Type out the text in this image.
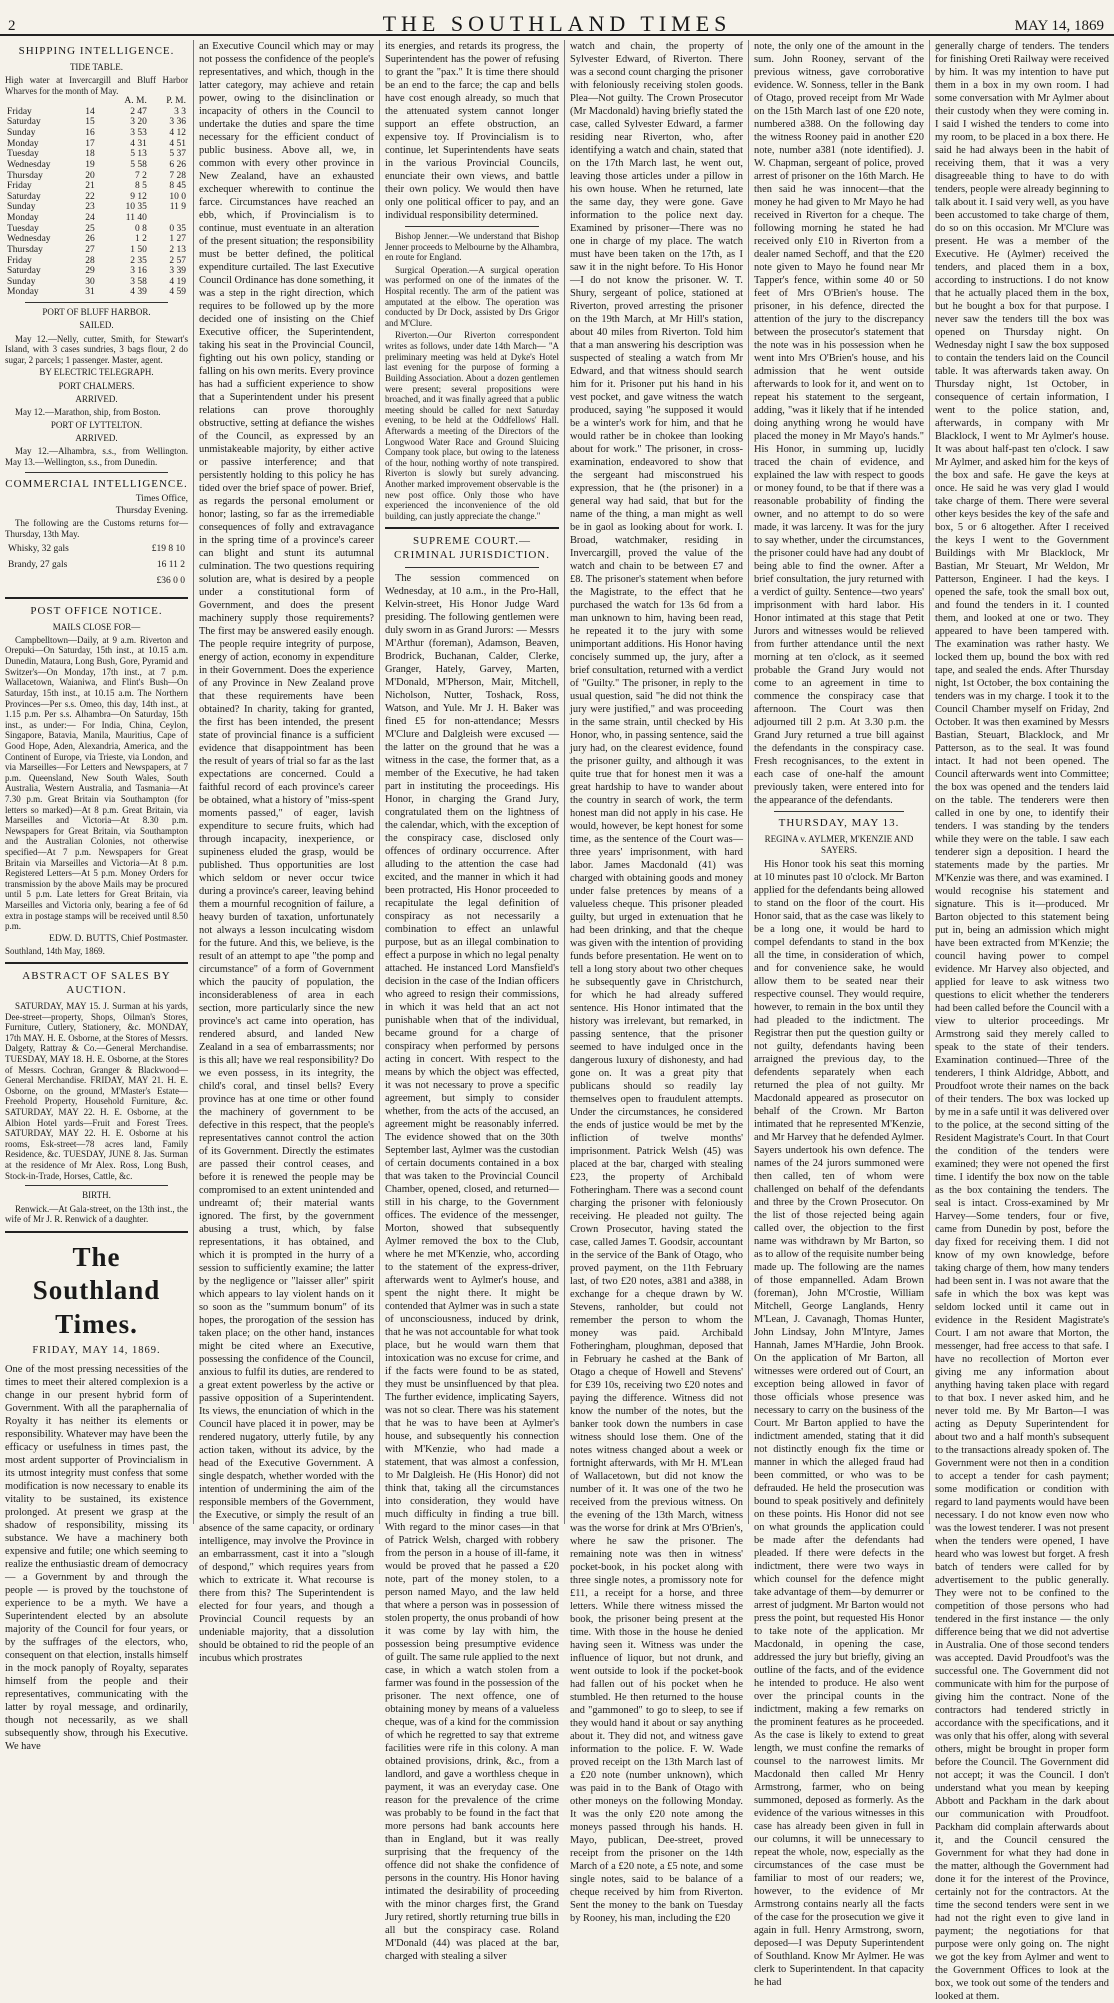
2	THE SOUTHLAND TIMES	MAY 14, 1869
SHIPPING INTELLIGENCE.
TIDE TABLE.
High water at Invercargill and Bluff Harbor Wharves for the month of May.
		A. M.	P. M.
Friday	14	2 47	3 3
Saturday	15	3 20	3 36
Sunday	16	3 53	4 12
Monday	17	4 31	4 51
Tuesday	18	5 13	5 37
Wednesday	19	5 58	6 26
Thursday	20	7 2	7 28
Friday	21	8 5	8 45
Saturday	22	9 12	10 0
Sunday	23	10 35	11 9
Monday	24	11 40	
Tuesday	25	0 8	0 35
Wednesday	26	1 2	1 27
Thursday	27	1 50	2 13
Friday	28	2 35	2 57
Saturday	29	3 16	3 39
Sunday	30	3 58	4 19
Monday	31	4 39	4 59
PORT OF BLUFF HARBOR.
SAILED.

May 12.—Nelly, cutter, Smith, for Stewart's Island, with 3 cases sundries, 3 bags flour, 2 do sugar, 2 parcels; 1 passenger. Master, agent.

BY ELECTRIC TELEGRAPH.
PORT CHALMERS.
ARRIVED.

May 12.—Marathon, ship, from Boston.

PORT OF LYTTELTON.
ARRIVED.

May 12.—Alhambra, s.s., from Wellington. May 13.—Wellington, s.s., from Dunedin.

COMMERCIAL INTELLIGENCE.
Times Office,
Thursday Evening.

The following are the Customs returns for—Thursday, 13th May.

Whisky, 32 gals	£19 8 10
Brandy, 27 gals	16 11 2
	£36 0 0
POST OFFICE NOTICE.
MAILS CLOSE FOR—

Campbelltown—Daily, at 9 a.m. Riverton and Orepuki—On Saturday, 15th inst., at 10.15 a.m. Dunedin, Mataura, Long Bush, Gore, Pyramid and Switzer's—On Monday, 17th inst., at 7 p.m. Wallacetown, Waianiwa, and Flint's Bush—On Saturday, 15th inst., at 10.15 a.m. The Northern Provinces—Per s.s. Omeo, this day, 14th inst., at 1.15 p.m. Per s.s. Alhambra—On Saturday, 15th inst., as under:— For India, China, Ceylon, Singapore, Batavia, Manila, Mauritius, Cape of Good Hope, Aden, Alexandria, America, and the Continent of Europe, via Trieste, via London, and via Marseilles—For Letters and Newspapers, at 7 p.m. Queensland, New South Wales, South Australia, Western Australia, and Tasmania—At 7.30 p.m. Great Britain via Southampton (for letters so marked)—At 8 p.m. Great Britain, via Marseilles and Victoria—At 8.30 p.m. Newspapers for Great Britain, via Southampton and the Australian Colonies, not otherwise specified—At 7 p.m. Newspapers for Great Britain via Marseilles and Victoria—At 8 p.m. Registered Letters—At 5 p.m. Money Orders for transmission by the above Mails may be procured until 5 p.m. Late letters for Great Britain, via Marseilles and Victoria only, bearing a fee of 6d extra in postage stamps will be received until 8.50 p.m.

EDW. D. BUTTS, Chief Postmaster.
Southland, 14th May, 1869.
ABSTRACT OF SALES BY AUCTION.

SATURDAY, MAY 15. J. Surman at his yards, Dee-street—property, Shops, Oilman's Stores, Furniture, Cutlery, Stationery, &c. MONDAY, 17th MAY. H. E. Osborne, at the Stores of Messrs. Dalgety, Rattray & Co.—General Merchandise. TUESDAY, MAY 18. H. E. Osborne, at the Stores of Messrs. Cochran, Granger & Blackwood—General Merchandise. FRIDAY, MAY 21. H. E. Osborne, on the ground, M'Master's Estate—Freehold Property, Household Furniture, &c. SATURDAY, MAY 22. H. E. Osborne, at the Albion Hotel yards—Fruit and Forest Trees. SATURDAY, MAY 22. H. E. Osborne at his rooms, Esk-street—78 acres land, Family Residence, &c. TUESDAY, JUNE 8. Jas. Surman at the residence of Mr Alex. Ross, Long Bush, Stock-in-Trade, Horses, Cattle, &c.

BIRTH.

Renwick.—At Gala-street, on the 13th inst., the wife of Mr J. R. Renwick of a daughter.

The Southland Times.
FRIDAY, MAY 14, 1869.

One of the most pressing necessities of the times to meet their altered complexion is a change in our present hybrid form of Government. With all the paraphernalia of Royalty it has neither its elements or responsibility. Whatever may have been the efficacy or usefulness in times past, the most ardent supporter of Provincialism in its utmost integrity must confess that some modification is now necessary to enable its vitality to be sustained, its existence prolonged. At present we grasp at the shadow of responsibility, missing its substance. We have a machinery both expensive and futile; one which seeming to realize the enthusiastic dream of democracy — a Government by and through the people — is proved by the touchstone of experience to be a myth. We have a Superintendent elected by an absolute majority of the Council for four years, or by the suffrages of the electors, who, consequent on that election, installs himself in the mock panoply of Royalty, separates himself from the people and their representatives, communicating with the latter by royal message, and ordinarily, though not necessarily, as we shall subsequently show, through his Executive. We have

an Executive Council which may or may not possess the confidence of the people's representatives, and which, though in the latter category, may achieve and retain power, owing to the disinclination or incapacity of others in the Council to undertake the duties and spare the time necessary for the efficient conduct of public business. Above all, we, in common with every other province in New Zealand, have an exhausted exchequer wherewith to continue the farce. Circumstances have reached an ebb, which, if Provincialism is to continue, must eventuate in an alteration of the present situation; the responsibility must be better defined, the political expenditure curtailed. The last Executive Council Ordinance has done something, it was a step in the right direction, which requires to be followed up by the more decided one of insisting on the Chief Executive officer, the Superintendent, taking his seat in the Provincial Council, fighting out his own policy, standing or falling on his own merits. Every province has had a sufficient experience to show that a Superintendent under his present relations can prove thoroughly obstructive, setting at defiance the wishes of the Council, as expressed by an unmistakeable majority, by either active or passive interference; and that persistently holding to this policy he has tided over the brief space of power. Brief, as regards the personal emolument or honor; lasting, so far as the irremediable consequences of folly and extravagance in the spring time of a province's career can blight and stunt its autumnal culmination. The two questions requiring solution are, what is desired by a people under a constitutional form of Government, and does the present machinery supply those requirements? The first may be answered easily enough. The people require integrity of purpose, energy of action, economy in expenditure in their Government. Does the experience of any Province in New Zealand prove that these requirements have been obtained? In charity, taking for granted, the first has been intended, the present state of provincial finance is a sufficient evidence that disappointment has been the result of years of trial so far as the last expectations are concerned. Could a faithful record of each province's career be obtained, what a history of "miss-spent moments passed," of eager, lavish expenditure to secure fruits, which had through incapacity, inexperience, or supineness eluded the grasp, would be published. Thus opportunities are lost which seldom or never occur twice during a province's career, leaving behind them a mournful recognition of failure, a heavy burden of taxation, unfortunately not always a lesson inculcating wisdom for the future. And this, we believe, is the result of an attempt to ape "the pomp and circumstance" of a form of Government which the paucity of population, the inconsiderableness of area in each section, more particularly since the new province's act came into operation, has rendered absurd, and landed New Zealand in a sea of embarrassments; nor is this all; have we real responsibility? Do we even possess, in its integrity, the child's coral, and tinsel bells? Every province has at one time or other found the machinery of government to be defective in this respect, that the people's representatives cannot control the action of its Government. Directly the estimates are passed their control ceases, and before it is renewed the people may be compromised to an extent unintended and undreamt of; their material wants ignored. The first, by the government abusing a trust, which, by false representations, it has obtained, and which it is prompted in the hurry of a session to sufficiently examine; the latter by the negligence or "laisser aller" spirit which appears to lay violent hands on it so soon as the "summum bonum" of its hopes, the prorogation of the session has taken place; on the other hand, instances might be cited where an Executive, possessing the confidence of the Council, anxious to fulfil its duties, are rendered to a great extent powerless by the active or passive opposition of a Superintendent. Its views, the enunciation of which in the Council have placed it in power, may be rendered nugatory, utterly futile, by any action taken, without its advice, by the head of the Executive Government. A single despatch, whether worded with the intention of undermining the aim of the responsible members of the Government, the Executive, or simply the result of an absence of the same capacity, or ordinary intelligence, may involve the Province in an embarrassment, cast it into a "slough of despond," which requires years from which to extricate it. What recourse is there from this? The Superintendent is elected for four years, and though a Provincial Council requests by an undeniable majority, that a dissolution should be obtained to rid the people of an incubus which prostrates

its energies, and retards its progress, the Superintendent has the power of refusing to grant the "pax." It is time there should be an end to the farce; the cap and bells have cost enough already, so much that the attenuated system cannot longer support an effete obstruction, an expensive toy. If Provincialism is to continue, let Superintendents have seats in the various Provincial Councils, enunciate their own views, and battle their own policy. We would then have only one political officer to pay, and an individual responsibility determined.

Bishop Jenner.—We understand that Bishop Jenner proceeds to Melbourne by the Alhambra, en route for England.

Surgical Operation.—A surgical operation was performed on one of the inmates of the Hospital recently. The arm of the patient was amputated at the elbow. The operation was conducted by Dr Dock, assisted by Drs Grigor and M'Clure.

Riverton.—Our Riverton correspondent writes as follows, under date 14th March— "A preliminary meeting was held at Dyke's Hotel last evening for the purpose of forming a Building Association. About a dozen gentlemen were present; several propositions were broached, and it was finally agreed that a public meeting should be called for next Saturday evening, to be held at the Oddfellows' Hall. Afterwards a meeting of the Directors of the Longwood Water Race and Ground Sluicing Company took place, but owing to the lateness of the hour, nothing worthy of note transpired. Riverton is slowly but surely advancing. Another marked improvement observable is the new post office. Only those who have experienced the inconvenience of the old building, can justly appreciate the change."

SUPREME COURT.—CRIMINAL JURISDICTION.

The session commenced on Wednesday, at 10 a.m., in the Pro-Hall, Kelvin-street, His Honor Judge Ward presiding. The following gentlemen were duly sworn in as Grand Jurors: — Messrs M'Arthur (foreman), Adamson, Beaven, Brodrick, Buchanan, Calder, Clerke, Granger, Hately, Garvey, Marten, M'Donald, M'Pherson, Mair, Mitchell, Nicholson, Nutter, Toshack, Ross, Watson, and Yule. Mr J. H. Baker was fined £5 for non-attendance; Messrs M'Clure and Dalgleish were excused — the latter on the ground that he was a witness in the case, the former that, as a member of the Executive, he had taken part in instituting the proceedings. His Honor, in charging the Grand Jury, congratulated them on the lightness of the calendar, which, with the exception of the conspiracy case, disclosed only offences of ordinary occurrence. After alluding to the attention the case had excited, and the manner in which it had been protracted, His Honor proceeded to recapitulate the legal definition of conspiracy as not necessarily a combination to effect an unlawful purpose, but as an illegal combination to effect a purpose in which no legal penalty attached. He instanced Lord Mansfield's decision in the case of the Indian officers who agreed to resign their commissions, in which it was held that an act not punishable when that of the individual, became ground for a charge of conspiracy when performed by persons acting in concert. With respect to the means by which the object was effected, it was not necessary to prove a specific agreement, but simply to consider whether, from the acts of the accused, an agreement might be reasonably inferred. The evidence showed that on the 30th September last, Aylmer was the custodian of certain documents contained in a box that was taken to the Provincial Council Chamber, opened, closed, and returned—still in his charge, to the Government offices. The evidence of the messenger, Morton, showed that subsequently Aylmer removed the box to the Club, where he met M'Kenzie, who, according to the statement of the express-driver, afterwards went to Aylmer's house, and spent the night there. It might be contended that Aylmer was in such a state of unconsciousness, induced by drink, that he was not accountable for what took place, but he would warn them that intoxication was no excuse for crime, and if the facts were found to be as stated, they must be unsinfluenced by that plea. The further evidence, implicating Sayers, was not so clear. There was his statement that he was to have been at Aylmer's house, and subsequently his connection with M'Kenzie, who had made a statement, that was almost a confession, to Mr Dalgleish. He (His Honor) did not think that, taking all the circumstances into consideration, they would have much difficulty in finding a true bill. With regard to the minor cases—in that of Patrick Welsh, charged with robbery from the person in a house of ill-fame, it would be proved that he passed a £20 note, part of the money stolen, to a person named Mayo, and the law held that where a person was in possession of stolen property, the onus probandi of how it was come by lay with him, the possession being presumptive evidence of guilt. The same rule applied to the next case, in which a watch stolen from a farmer was found in the possession of the prisoner. The next offence, one of obtaining money by means of a valueless cheque, was of a kind for the commission of which he regretted to say that extreme facilities were rife in this colony. A man obtained provisions, drink, &c., from a landlord, and gave a worthless cheque in payment, it was an everyday case. One reason for the prevalence of the crime was probably to be found in the fact that more persons had bank accounts here than in England, but it was really surprising that the frequency of the offence did not shake the confidence of persons in the country. His Honor having intimated the desirability of proceeding with the minor charges first, the Grand Jury retired, shortly returning true bills in all but the conspiracy case. Roland M'Donald (44) was placed at the bar, charged with stealing a silver

watch and chain, the property of Sylvester Edward, of Riverton. There was a second count charging the prisoner with feloniously receiving stolen goods. Plea—Not guilty. The Crown Prosecutor (Mr Macdonald) having briefly stated the case, called Sylvester Edward, a farmer residing near Riverton, who, after identifying a watch and chain, stated that on the 17th March last, he went out, leaving those articles under a pillow in his own house. When he returned, late the same day, they were gone. Gave information to the police next day. Examined by prisoner—There was no one in charge of my place. The watch must have been taken on the 17th, as I saw it in the night before. To His Honor—I do not know the prisoner. W. T. Shury, sergeant of police, stationed at Riverton, proved arresting the prisoner on the 19th March, at Mr Hill's station, about 40 miles from Riverton. Told him that a man answering his description was suspected of stealing a watch from Mr Edward, and that witness should search him for it. Prisoner put his hand in his vest pocket, and gave witness the watch produced, saying "he supposed it would be a winter's work for him, and that he would rather be in chokee than looking about for work." The prisoner, in cross-examination, endeavored to show that the sergeant had misconstrued his expression, that he (the prisoner) in a general way had said, that but for the name of the thing, a man might as well be in gaol as looking about for work. I. Broad, watchmaker, residing in Invercargill, proved the value of the watch and chain to be between £7 and £8. The prisoner's statement when before the Magistrate, to the effect that he purchased the watch for 13s 6d from a man unknown to him, having been read, he repeated it to the jury with some unimportant additions. His Honor having concisely summed up, the jury, after a brief consultation, returned with a verdict of "Guilty." The prisoner, in reply to the usual question, said "he did not think the jury were justified," and was proceeding in the same strain, until checked by His Honor, who, in passing sentence, said the jury had, on the clearest evidence, found the prisoner guilty, and although it was quite true that for honest men it was a great hardship to have to wander about the country in search of work, the term honest man did not apply in his case. He would, however, be kept honest for some time, as the sentence of the Court was—three years' imprisonment, with hard labor. James Macdonald (41) was charged with obtaining goods and money under false pretences by means of a valueless cheque. This prisoner pleaded guilty, but urged in extenuation that he had been drinking, and that the cheque was given with the intention of providing funds before presentation. He went on to tell a long story about two other cheques he subsequently gave in Christchurch, for which he had already suffered sentence. His Honor intimated that the history was irrelevant, but remarked, in passing sentence, that the prisoner seemed to have indulged once in the dangerous luxury of dishonesty, and had gone on. It was a great pity that publicans should so readily lay themselves open to fraudulent attempts. Under the circumstances, he considered the ends of justice would be met by the infliction of twelve months' imprisonment. Patrick Welsh (45) was placed at the bar, charged with stealing £23, the property of Archibald Fotheringham. There was a second count charging the prisoner with feloniously receiving. He pleaded not guilty. The Crown Prosecutor, having stated the case, called James T. Goodsir, accountant in the service of the Bank of Otago, who proved payment, on the 11th February last, of two £20 notes, a381 and a388, in exchange for a cheque drawn by W. Stevens, ranholder, but could not remember the person to whom the money was paid. Archibald Fotheringham, ploughman, deposed that in February he cashed at the Bank of Otago a cheque of Howell and Stevens' for £39 10s, receiving two £20 notes and paying the difference. Witness did not know the number of the notes, but the banker took down the numbers in case witness should lose them. One of the notes witness changed about a week or fortnight afterwards, with Mr H. M'Lean of Wallacetown, but did not know the number of it. It was one of the two he received from the previous witness. On the evening of the 13th March, witness was the worse for drink at Mrs O'Brien's, where he saw the prisoner. The remaining note was then in witness' pocket-book, in his pocket along with three single notes, a promissory note for £11, a receipt for a horse, and three letters. While there witness missed the book, the prisoner being present at the time. With those in the house he denied having seen it. Witness was under the influence of liquor, but not drunk, and went outside to look if the pocket-book had fallen out of his pocket when he stumbled. He then returned to the house and "gammoned" to go to sleep, to see if they would hand it about or say anything about it. They did not, and witness gave information to the police. F. W. Wade proved receipt on the 13th March last of a £20 note (number unknown), which was paid in to the Bank of Otago with other moneys on the following Monday. It was the only £20 note among the moneys passed through his hands. H. Mayo, publican, Dee-street, proved receipt from the prisoner on the 14th March of a £20 note, a £5 note, and some single notes, said to be balance of a cheque received by him from Riverton. Sent the money to the bank on Tuesday by Rooney, his man, including the £20

note, the only one of the amount in the sum. John Rooney, servant of the previous witness, gave corroborative evidence. W. Sonness, teller in the Bank of Otago, proved receipt from Mr Wade on the 15th March last of one £20 note, numbered a388. On the following day the witness Rooney paid in another £20 note, number a381 (note identified). J. W. Chapman, sergeant of police, proved arrest of prisoner on the 16th March. He then said he was innocent—that the money he had given to Mr Mayo he had received in Riverton for a cheque. The following morning he stated he had received only £10 in Riverton from a dealer named Sechoff, and that the £20 note given to Mayo he found near Mr Tapper's fence, within some 40 or 50 feet of Mrs O'Brien's house. The prisoner, in his defence, directed the attention of the jury to the discrepancy between the prosecutor's statement that the note was in his possession when he went into Mrs O'Brien's house, and his admission that he went outside afterwards to look for it, and went on to repeat his statement to the sergeant, adding, "was it likely that if he intended doing anything wrong he would have placed the money in Mr Mayo's hands." His Honor, in summing up, lucidly traced the chain of evidence, and explained the law with respect to goods or money found, to be that if there was a reasonable probability of finding the owner, and no attempt to do so were made, it was larceny. It was for the jury to say whether, under the circumstances, the prisoner could have had any doubt of being able to find the owner. After a brief consultation, the jury returned with a verdict of guilty. Sentence—two years' imprisonment with hard labor. His Honor intimated at this stage that Petit Jurors and witnesses would be relieved from further attendance until the next morning at ten o'clock, as it seemed probable the Grand Jury would not come to an agreement in time to commence the conspiracy case that afternoon. The Court was then adjourned till 2 p.m. At 3.30 p.m. the Grand Jury returned a true bill against the defendants in the conspiracy case. Fresh recognisances, to the extent in each case of one-half the amount previously taken, were entered into for the appearance of the defendants.

THURSDAY, MAY 13.
REGINA v. AYLMER, M'KENZIE AND SAYERS.

His Honor took his seat this morning at 10 minutes past 10 o'clock. Mr Barton applied for the defendants being allowed to stand on the floor of the court. His Honor said, that as the case was likely to be a long one, it would be hard to compel defendants to stand in the box all the time, in consideration of which, and for convenience sake, he would allow them to be seated near their respective counsel. They would require, however, to remain in the box until they had pleaded to the indictment. The Registrar then put the question guilty or not guilty, defendants having been arraigned the previous day, to the defendents separately when each returned the plea of not guilty. Mr Macdonald appeared as prosecutor on behalf of the Crown. Mr Barton intimated that he represented M'Kenzie, and Mr Harvey that he defended Aylmer. Sayers undertook his own defence. The names of the 24 jurors summoned were then called, ten of whom were challenged on behalf of the defendants and three by the Crown Prosecutor. On the list of those rejected being again called over, the objection to the first name was withdrawn by Mr Barton, so as to allow of the requisite number being made up. The following are the names of those empannelled. Adam Brown (foreman), John M'Crostie, William Mitchell, George Langlands, Henry M'Lean, J. Cavanagh, Thomas Hunter, John Lindsay, John M'Intyre, James Hannah, James M'Hardie, John Brook. On the application of Mr Barton, all witnesses were ordered out of Court, an exception being allowed in favor of those officials whose presence was necessary to carry on the business of the Court. Mr Barton applied to have the indictment amended, stating that it did not distinctly enough fix the time or manner in which the alleged fraud had been committed, or who was to be defrauded. He held the prosecution was bound to speak positively and definitely on these points. His Honor did not see on what grounds the application could be made after the defendants had pleaded. If there were defects in the indictment, there were two ways in which counsel for the defence might take advantage of them—by demurrer or arrest of judgment. Mr Barton would not press the point, but requested His Honor to take note of the application. Mr Macdonald, in opening the case, addressed the jury but briefly, giving an outline of the facts, and of the evidence he intended to produce. He also went over the principal counts in the indictment, making a few remarks on the prominent features as he proceeded. As the case is likely to extend to great length, we must confine the remarks of counsel to the narrowest limits. Mr Macdonald then called Mr Henry Armstrong, farmer, who on being summoned, deposed as formerly. As the evidence of the various witnesses in this case has already been given in full in our columns, it will be unnecessary to repeat the whole, now, especially as the circumstances of the case must be familiar to most of our readers; we, however, to the evidence of Mr Armstrong contains nearly all the facts of the case for the prosecution we give it again in full. Henry Armstrong, sworn, deposed—I was Deputy Superintendent of Southland. Know Mr Aylmer. He was clerk to Superintendent. In that capacity he had

generally charge of tenders. The tenders for finishing Oreti Railway were received by him. It was my intention to have put them in a box in my own room. I had some conversation with Mr Aylmer about their custody when they were coming in. I said I wished the tenders to come into my room, to be placed in a box there. He said he had always been in the habit of receiving them, that it was a very disagreeable thing to have to do with tenders, people were already beginning to talk about it. I said very well, as you have been accustomed to take charge of them, do so on this occasion. Mr M'Clure was present. He was a member of the Executive. He (Aylmer) received the tenders, and placed them in a box, according to instructions. I do not know that he actually placed them in the box, but he bought a box for that purpose. I never saw the tenders till the box was opened on Thursday night. On Wednesday night I saw the box supposed to contain the tenders laid on the Council table. It was afterwards taken away. On Thursday night, 1st October, in consequence of certain information, I went to the police station, and, afterwards, in company with Mr Blacklock, I went to Mr Aylmer's house. It was about half-past ten o'clock. I saw Mr Aylmer, and asked him for the keys of the box and safe. He gave the keys at once. He said he was very glad I would take charge of them. There were several other keys besides the key of the safe and box, 5 or 6 altogether. After I received the keys I went to the Government Buildings with Mr Blacklock, Mr Bastian, Mr Steuart, Mr Weldon, Mr Patterson, Engineer. I had the keys. I opened the safe, took the small box out, and found the tenders in it. I counted them, and looked at one or two. They appeared to have been tampered with. The examination was rather hasty. We locked them up, bound the box with red tape, and sealed the ends. After Thursday night, 1st October, the box containing the tenders was in my charge. I took it to the Council Chamber myself on Friday, 2nd October. It was then examined by Messrs Bastian, Steuart, Blacklock, and Mr Patterson, as to the seal. It was found intact. It had not been opened. The Council afterwards went into Committee; the box was opened and the tenders laid on the table. The tenderers were then called in one by one, to identify their tenders. I was standing by the tenders while they were on the table. I saw each tenderer sign a deposition. I heard the statements made by the parties. Mr M'Kenzie was there, and was examined. I would recognise his statement and signature. This is it—produced. Mr Barton objected to this statement being put in, being an admission which might have been extracted from M'Kenzie; the council having power to compel evidence. Mr Harvey also objected, and applied for leave to ask witness two questions to elicit whether the tenderers had been called before the Council with a view to ulterior proceedings. Mr Armstrong said they merely called to speak to the state of their tenders. Examination continued—Three of the tenderers, I think Aldridge, Abbott, and Proudfoot wrote their names on the back of their tenders. The box was locked up by me in a safe until it was delivered over to the police, at the second sitting of the Resident Magistrate's Court. In that Court the condition of the tenders were examined; they were not opened the first time. I identify the box now on the table as the box containing the tenders. The seal is intact. Cross-examined by Mr Harvey—Some tenders, four or five, came from Dunedin by post, before the day fixed for receiving them. I did not know of my own knowledge, before taking charge of them, how many tenders had been sent in. I was not aware that the safe in which the box was kept was seldom locked until it came out in evidence in the Resident Magistrate's Court. I am not aware that Morton, the messenger, had free access to that safe. I have no recollection of Morton ever giving me any information about anything having taken place with regard to that box. I never asked him, and he never told me. By Mr Barton—I was acting as Deputy Superintendent for about two and a half month's subsequent to the transactions already spoken of. The Government were not then in a condition to accept a tender for cash payment; some modification or condition with regard to land payments would have been necessary. I do not know even now who was the lowest tenderer. I was not present when the tenders were opened, I have heard who was lowest but forget. A fresh batch of tenders were called for by advertisement to the public generally. They were not to be confined to the competition of those persons who had tendered in the first instance — the only difference being that we did not advertise in Australia. One of those second tenders was accepted. David Proudfoot's was the successful one. The Government did not communicate with him for the purpose of giving him the contract. None of the contractors had tendered strictly in accordance with the specifications, and it was only that his offer, along with several others, might be brought in proper form before the Council. The Government did not accept; it was the Council. I don't understand what you mean by keeping Abbott and Packham in the dark about our communication with Proudfoot. Packham did complain afterwards about it, and the Council censured the Government for what they had done in the matter, although the Government had done it for the interest of the Province, certainly not for the contractors. At the time the second tenders were sent in we had not the right even to give land in payment; the negotiations for that purpose were only going on. The night we got the key from Aylmer and went to the Government Offices to look at the box, we took out some of the tenders and looked at them.
